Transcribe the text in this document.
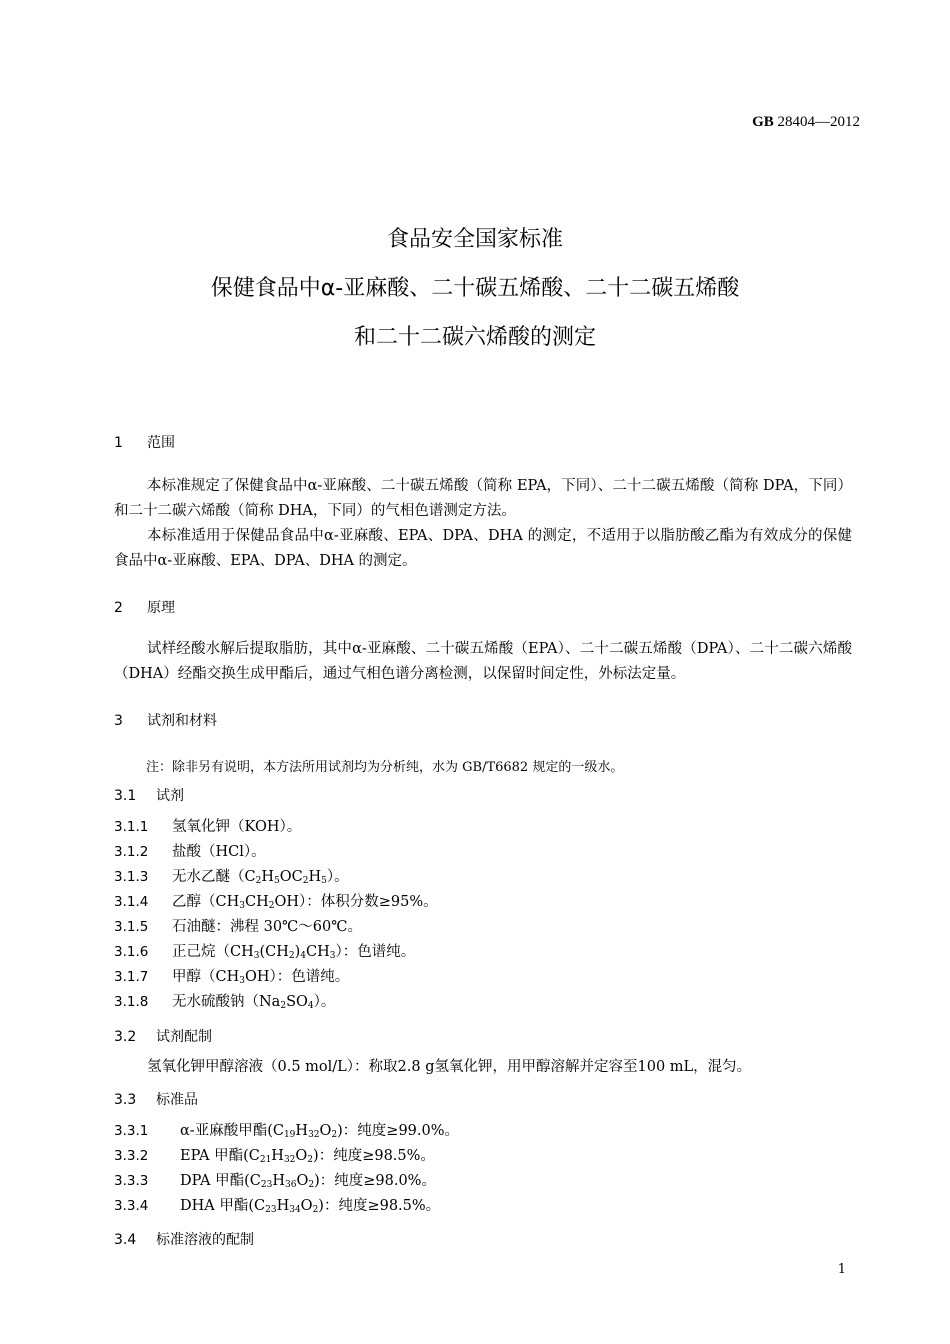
GB 28404—2012
食品安全国家标准
保健食品中α-亚麻酸、二十碳五烯酸、二十二碳五烯酸
和二十二碳六烯酸的测定
1 范围
本标准规定了保健食品中α-亚麻酸、二十碳五烯酸（简称 EPA，下同）、二十二碳五烯酸（简称 DPA，下同）和二十二碳六烯酸（简称 DHA，下同）的气相色谱测定方法。
本标准适用于保健品食品中α-亚麻酸、EPA、DPA、DHA 的测定，不适用于以脂肪酸乙酯为有效成分的保健食品中α-亚麻酸、EPA、DPA、DHA 的测定。
2 原理
试样经酸水解后提取脂肪，其中α-亚麻酸、二十碳五烯酸（EPA）、二十二碳五烯酸（DPA）、二十二碳六烯酸（DHA）经酯交换生成甲酯后，通过气相色谱分离检测，以保留时间定性，外标法定量。
3 试剂和材料
注：除非另有说明，本方法所用试剂均为分析纯，水为 GB/T6682 规定的一级水。
3.1 试剂
3.1.1 氢氧化钾（KOH）。
3.1.2 盐酸（HCl）。
3.1.3 无水乙醚$(C_2H_5OC_2H_5)$。
3.1.4 乙醇$(CH_3CH_2OH)$：体积分数≥95%。
3.1.5 石油醚：沸程 30℃～60℃。
3.1.6 正己烷$(CH_3(CH_2)_4CH_3)$：色谱纯。
3.1.7 甲醇$(CH_3OH)$：色谱纯。
3.1.8 无水硫酸钠$(Na_2SO_4)$。
3.2 试剂配制
氢氧化钾甲醇溶液（0.5 mol/L）：称取2.8 g氢氧化钾，用甲醇溶解并定容至100 mL，混匀。
3.3 标准品
3.3.1 α-亚麻酸甲酯$(C_{19}H_{32}O_2)$：纯度≥99.0%。
3.3.2 EPA 甲酯$(C_{21}H_{32}O_2)$：纯度≥98.5%。
3.3.3 DPA 甲酯$(C_{23}H_{36}O_2)$：纯度≥98.0%。
3.3.4 DHA 甲酯$(C_{23}H_{34}O_2)$：纯度≥98.5%。
3.4 标准溶液的配制
1
